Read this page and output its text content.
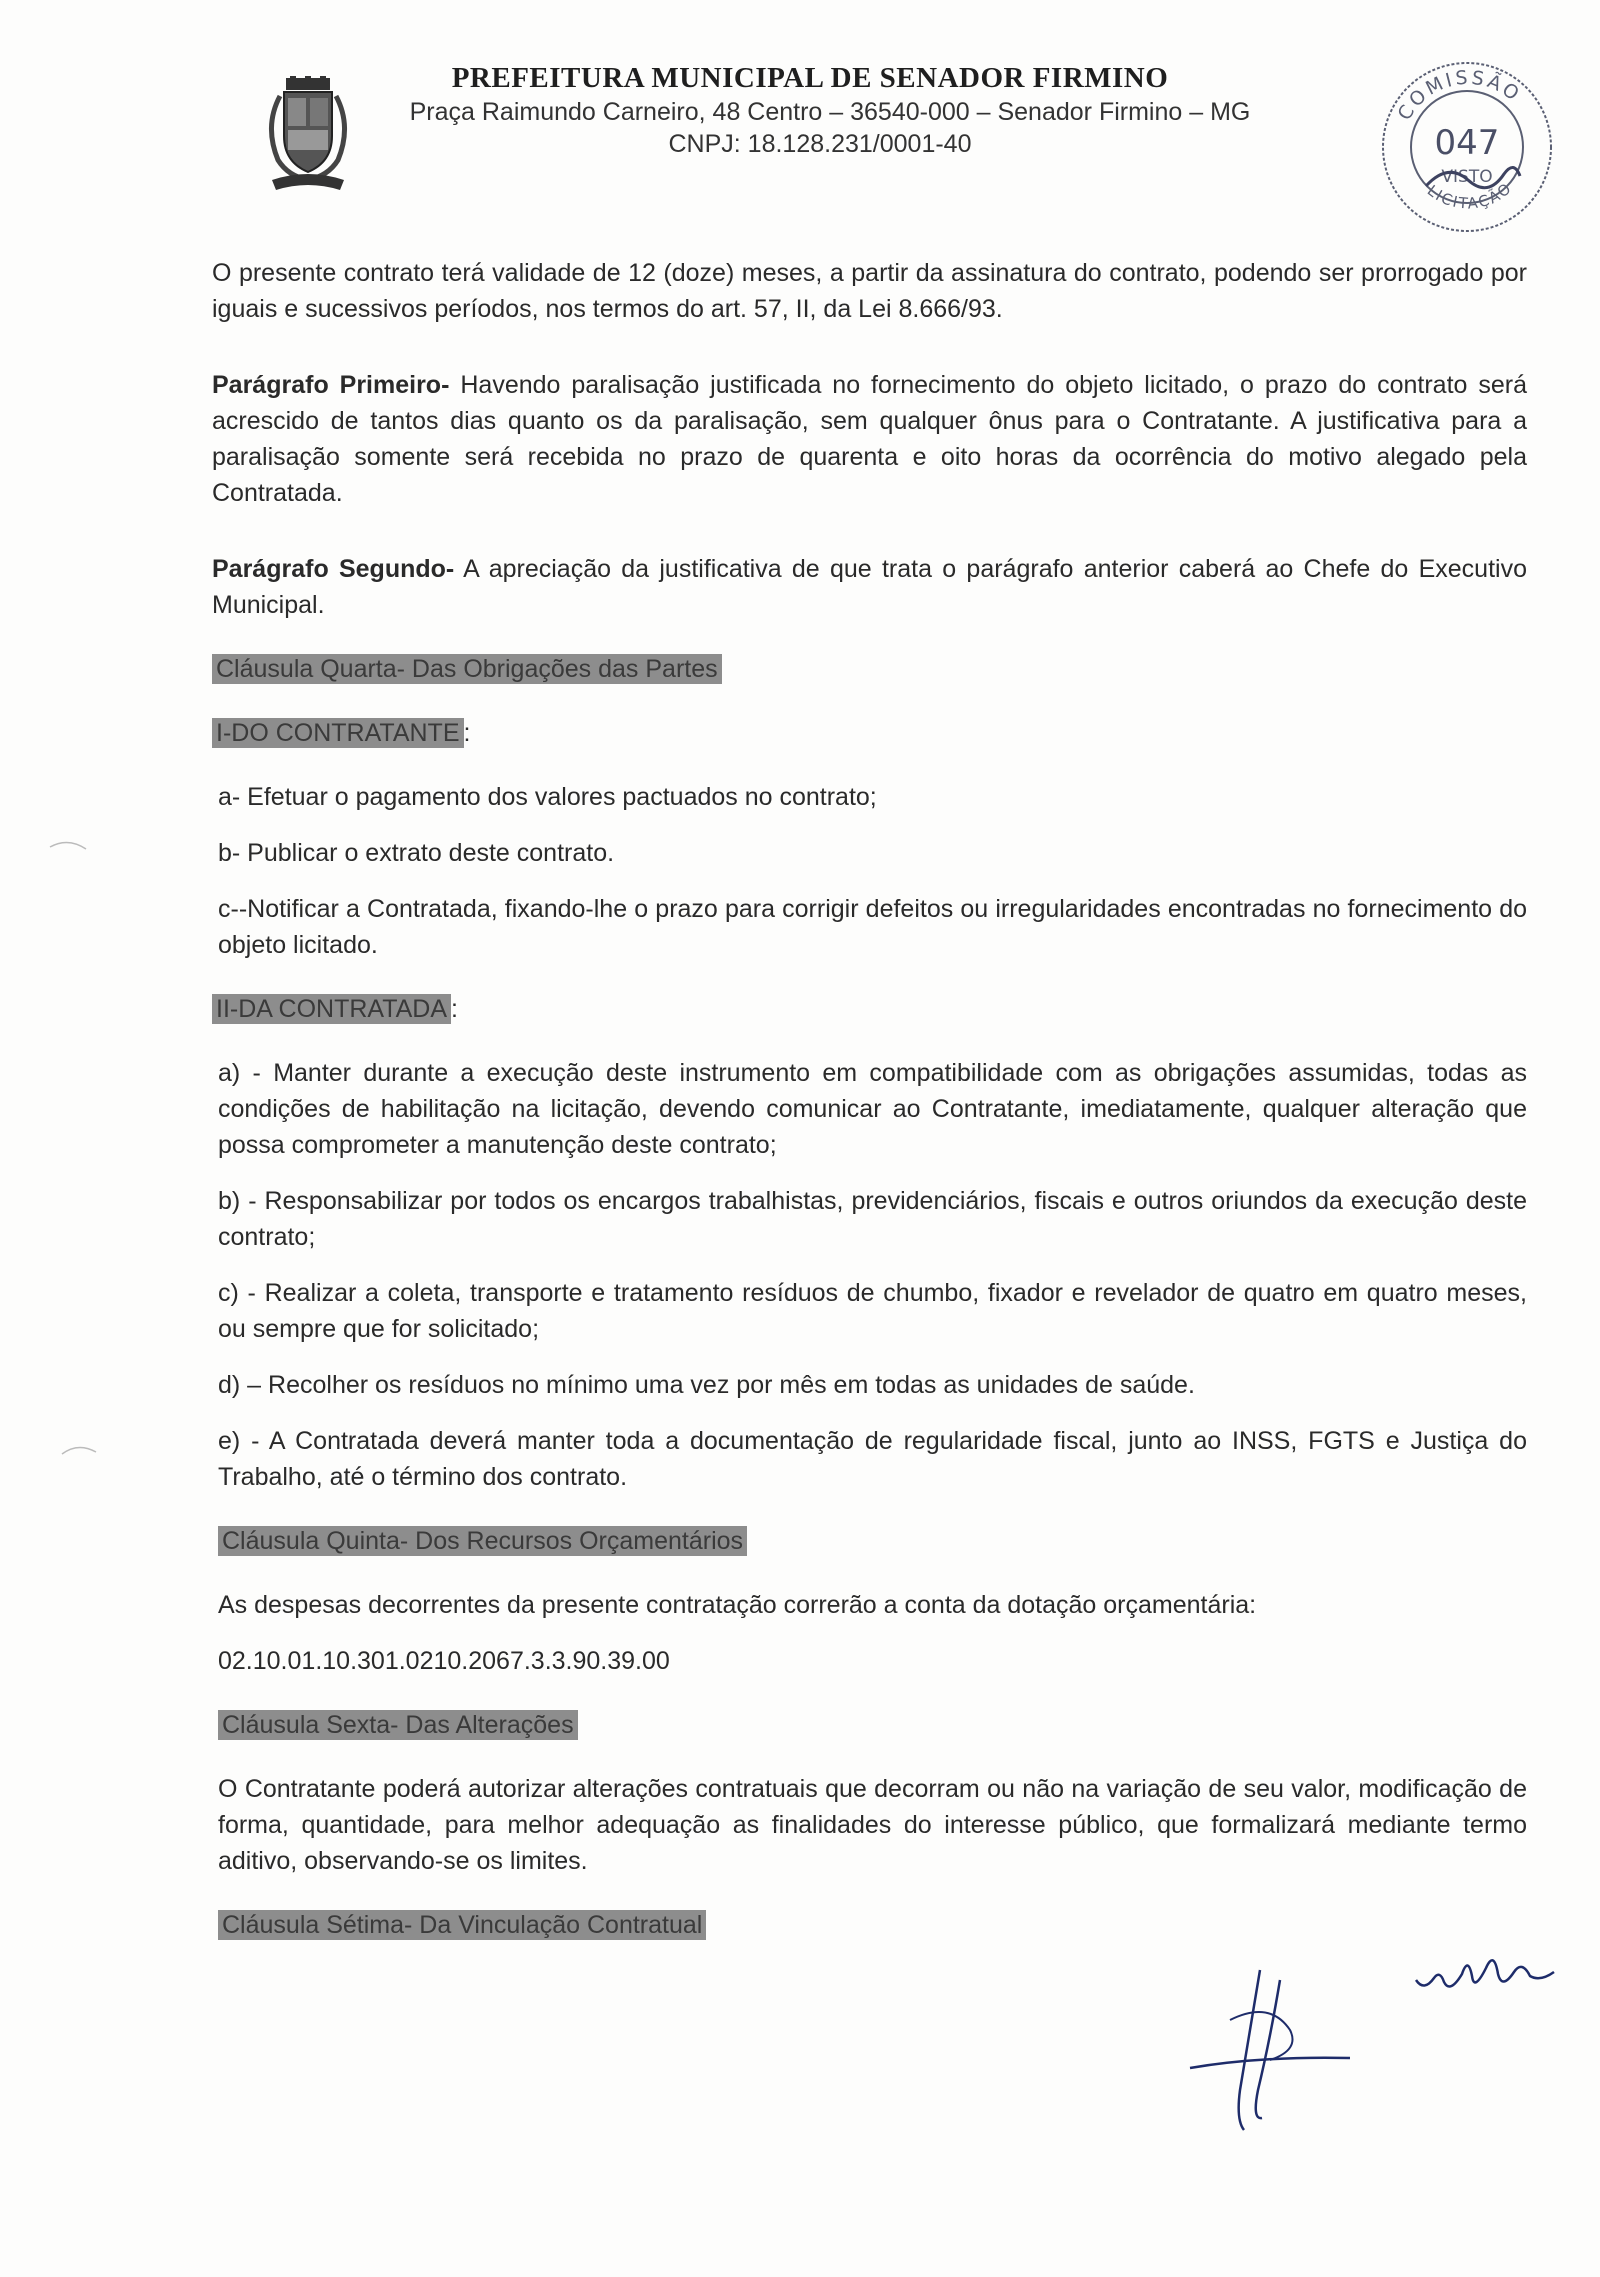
PREFEITURA MUNICIPAL DE SENADOR FIRMINO
Praça Raimundo Carneiro, 48 Centro – 36540-000 – Senador Firmino – MG
CNPJ: 18.128.231/0001-40
COMISSÃO
047
VISTO
LICITAÇÃO

O presente contrato terá validade de 12 (doze) meses, a partir da assinatura do contrato, podendo ser prorrogado por iguais e sucessivos períodos, nos termos do art. 57, II, da Lei 8.666/93.

Parágrafo Primeiro- Havendo paralisação justificada no fornecimento do objeto licitado, o prazo do contrato será acrescido de tantos dias quanto os da paralisação, sem qualquer ônus para o Contratante. A justificativa para a paralisação somente será recebida no prazo de quarenta e oito horas da ocorrência do motivo alegado pela Contratada.

Parágrafo Segundo- A apreciação da justificativa de que trata o parágrafo anterior caberá ao Chefe do Executivo Municipal.

Cláusula Quarta- Das Obrigações das Partes
I-DO CONTRATANTE :

a- Efetuar o pagamento dos valores pactuados no contrato;

b- Publicar o extrato deste contrato.

c--Notificar a Contratada, fixando-lhe o prazo para corrigir defeitos ou irregularidades encontradas no fornecimento do objeto licitado.

II-DA CONTRATADA :

a) - Manter durante a execução deste instrumento em compatibilidade com as obrigações assumidas, todas as condições de habilitação na licitação, devendo comunicar ao Contratante, imediatamente, qualquer alteração que possa comprometer a manutenção deste contrato;

b) - Responsabilizar por todos os encargos trabalhistas, previdenciários, fiscais e outros oriundos da execução deste contrato;

c) - Realizar a coleta, transporte e tratamento resíduos de chumbo, fixador e revelador de quatro em quatro meses, ou sempre que for solicitado;

d) – Recolher os resíduos no mínimo uma vez por mês em todas as unidades de saúde.

e) - A Contratada deverá manter toda a documentação de regularidade fiscal, junto ao INSS, FGTS e Justiça do Trabalho, até o término dos contrato.

Cláusula Quinta- Dos Recursos Orçamentários

As despesas decorrentes da presente contratação correrão a conta da dotação orçamentária:

02.10.01.10.301.0210.2067.3.3.90.39.00

Cláusula Sexta- Das Alterações

O Contratante poderá autorizar alterações contratuais que decorram ou não na variação de seu valor, modificação de forma, quantidade, para melhor adequação as finalidades do interesse público, que formalizará mediante termo aditivo, observando-se os limites.

Cláusula Sétima- Da Vinculação Contratual
